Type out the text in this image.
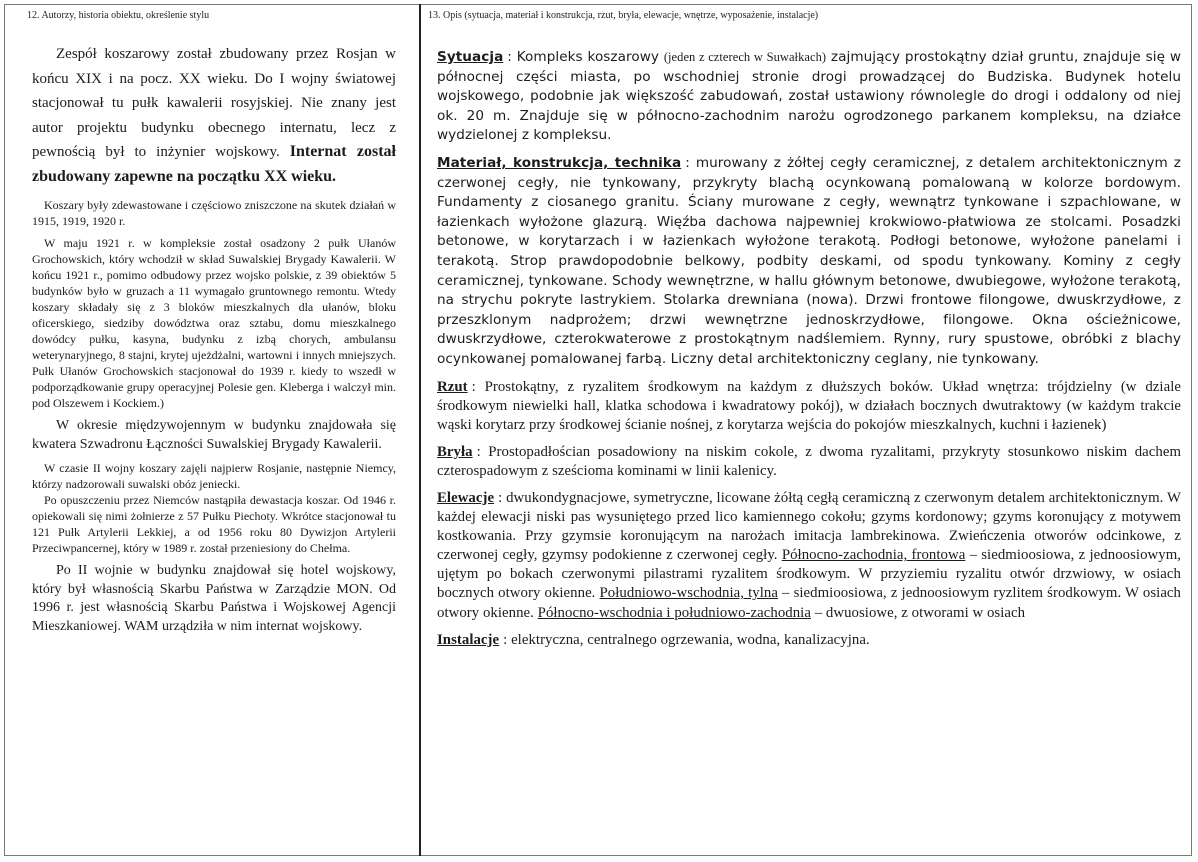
12. Autorzy, historia obiektu, określenie stylu

Zespół koszarowy został zbudowany przez Rosjan w końcu XIX i na pocz. XX wieku. Do I wojny światowej stacjonował tu pułk kawalerii rosyjskiej. Nie znany jest autor projektu budynku obecnego internatu, lecz z pewnością był to inżynier wojskowy. Internat został zbudowany zapewne na początku XX wieku.

Koszary były zdewastowane i częściowo zniszczone na skutek działań w 1915, 1919, 1920 r.

W maju 1921 r. w kompleksie został osadzony 2 pułk Ułanów Grochowskich, który wchodził w skład Suwalskiej Brygady Kawalerii. W końcu 1921 r., pomimo odbudowy przez wojsko polskie, z 39 obiektów 5 budynków było w gruzach a 11 wymagało gruntownego remontu. Wtedy koszary składały się z 3 bloków mieszkalnych dla ułanów, bloku oficerskiego, siedziby dowództwa oraz sztabu, domu mieszkalnego dowódcy pułku, kasyna, budynku z izbą chorych, ambulansu weterynaryjnego, 8 stajni, krytej ujeżdżalni, wartowni i innych mniejszych. Pułk Ułanów Grochowskich stacjonował do 1939 r. kiedy to wszedł w podporządkowanie grupy operacyjnej Polesie gen. Kleberga i walczył min. pod Olszewem i Kockiem.)

W okresie międzywojennym w budynku znajdowała się kwatera Szwadronu Łączności Suwalskiej Brygady Kawalerii.

W czasie II wojny koszary zajęli najpierw Rosjanie, następnie Niemcy, którzy nadzorowali suwalski obóz jeniecki.

Po opuszczeniu przez Niemców nastąpiła dewastacja koszar. Od 1946 r. opiekowali się nimi żołnierze z 57 Pułku Piechoty. Wkrótce stacjonował tu 121 Pułk Artylerii Lekkiej, a od 1956 roku 80 Dywizjon Artylerii Przeciwpancernej, który w 1989 r. został przeniesiony do Chełma.

Po II wojnie w budynku znajdował się hotel wojskowy, który był własnością Skarbu Państwa w Zarządzie MON. Od 1996 r. jest własnością Skarbu Państwa i Wojskowej Agencji Mieszkaniowej. WAM urządziła w nim internat wojskowy.

13. Opis (sytuacja, materiał i konstrukcja, rzut, bryła, elewacje, wnętrze, wyposażenie, instalacje)

Sytuacja : Kompleks koszarowy (jeden z czterech w Suwałkach) zajmujący prostokątny dział gruntu, znajduje się w północnej części miasta, po wschodniej stronie drogi prowadzącej do Budziska. Budynek hotelu wojskowego, podobnie jak większość zabudowań, został ustawiony równolegle do drogi i oddalony od niej ok. 20 m. Znajduje się w północno-zachodnim narożu ogrodzonego parkanem kompleksu, na działce wydzielonej z kompleksu.

Materiał, konstrukcja, technika : murowany z żółtej cegły ceramicznej, z detalem architektonicznym z czerwonej cegły, nie tynkowany, przykryty blachą ocynkowaną pomalowaną w kolorze bordowym. Fundamenty z ciosanego granitu. Ściany murowane z cegły, wewnątrz tynkowane i szpachlowane, w łazienkach wyłożone glazurą. Więźba dachowa najpewniej krokwiowo-płatwiowa ze stolcami. Posadzki betonowe, w korytarzach i w łazienkach wyłożone terakotą. Podłogi betonowe, wyłożone panelami i terakotą. Strop prawdopodobnie belkowy, podbity deskami, od spodu tynkowany. Kominy z cegły ceramicznej, tynkowane. Schody wewnętrzne, w hallu głównym betonowe, dwubiegowe, wyłożone terakotą, na strychu pokryte lastrykiem. Stolarka drewniana (nowa). Drzwi frontowe filongowe, dwuskrzydłowe, z przeszklonym nadprożem; drzwi wewnętrzne jednoskrzydłowe, filongowe. Okna ościeżnicowe, dwuskrzydłowe, czterokwaterowe z prostokątnym nadślemiem. Rynny, rury spustowe, obróbki z blachy ocynkowanej pomalowanej farbą. Liczny detal architektoniczny ceglany, nie tynkowany.

Rzut : Prostokątny, z ryzalitem środkowym na każdym z dłuższych boków. Układ wnętrza: trójdzielny (w dziale środkowym niewielki hall, klatka schodowa i kwadratowy pokój), w działach bocznych dwutraktowy (w każdym trakcie wąski korytarz przy środkowej ścianie nośnej, z korytarza wejścia do pokojów mieszkalnych, kuchni i łazienek)

Bryła : Prostopadłościan posadowiony na niskim cokole, z dwoma ryzalitami, przykryty stosunkowo niskim dachem czterospadowym z sześcioma kominami w linii kalenicy.

Elewacje : dwukondygnacjowe, symetryczne, licowane żółtą cegłą ceramiczną z czerwonym detalem architektonicznym. W każdej elewacji niski pas wysuniętego przed lico kamiennego cokołu; gzyms kordonowy; gzyms koronujący z motywem kostkowania. Przy gzymsie koronującym na narożach imitacja lambrekinowa. Zwieńczenia otworów odcinkowe, z czerwonej cegły, gzymsy podokienne z czerwonej cegły. Północno-zachodnia, frontowa – siedmioosiowa, z jednoosiowym, ujętym po bokach czerwonymi pilastrami ryzalitem środkowym. W przyziemiu ryzalitu otwór drzwiowy, w osiach bocznych otwory okienne. Południowo-wschodnia, tylna – siedmioosiowa, z jednoosiowym ryzlitem środkowym. W osiach otwory okienne. Północno-wschodnia i południowo-zachodnia – dwuosiowe, z otworami w osiach

Instalacje : elektryczna, centralnego ogrzewania, wodna, kanalizacyjna.
